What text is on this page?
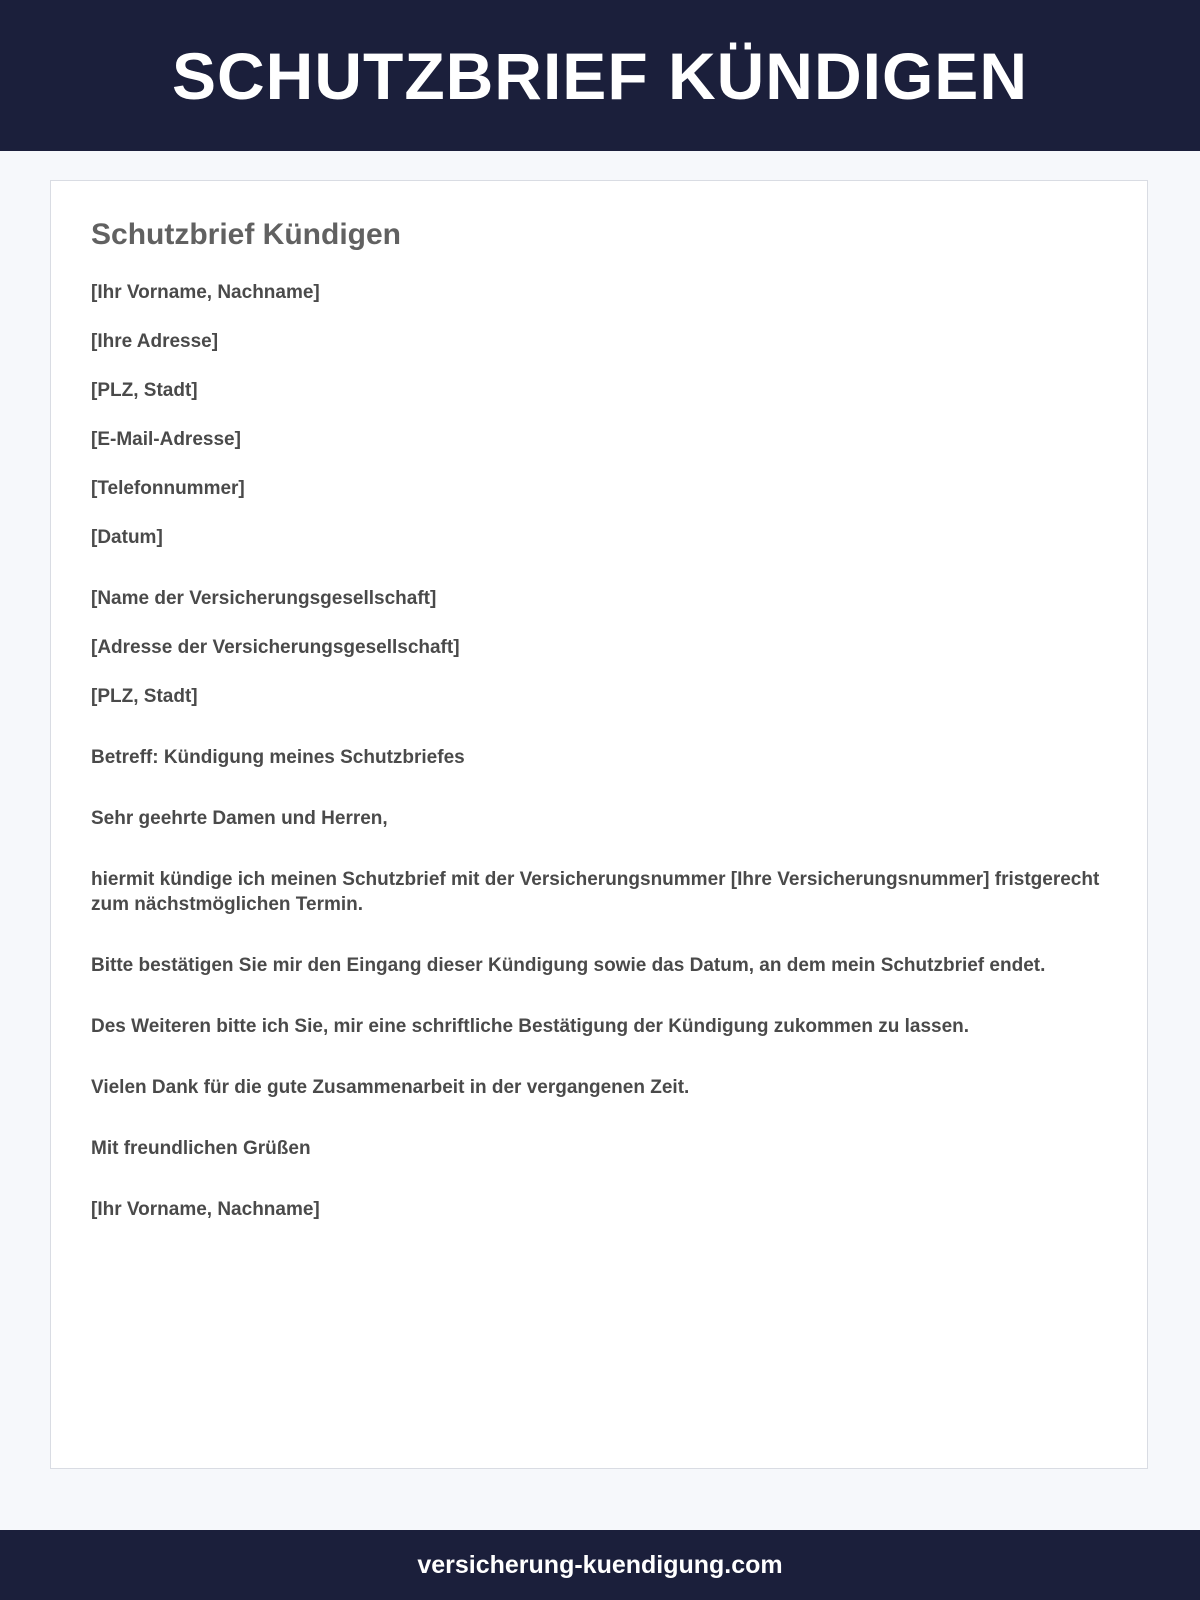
SCHUTZBRIEF KÜNDIGEN
Schutzbrief Kündigen

[Ihr Vorname, Nachname]

[Ihre Adresse]

[PLZ, Stadt]

[E-Mail-Adresse]

[Telefonnummer]

[Datum]

[Name der Versicherungsgesellschaft]

[Adresse der Versicherungsgesellschaft]

[PLZ, Stadt]

Betreff: Kündigung meines Schutzbriefes

Sehr geehrte Damen und Herren,

hiermit kündige ich meinen Schutzbrief mit der Versicherungsnummer [Ihre Versicherungsnummer] fristgerecht zum nächstmöglichen Termin.

Bitte bestätigen Sie mir den Eingang dieser Kündigung sowie das Datum, an dem mein Schutzbrief endet.

Des Weiteren bitte ich Sie, mir eine schriftliche Bestätigung der Kündigung zukommen zu lassen.

Vielen Dank für die gute Zusammenarbeit in der vergangenen Zeit.

Mit freundlichen Grüßen

[Ihr Vorname, Nachname]

versicherung-kuendigung.com
